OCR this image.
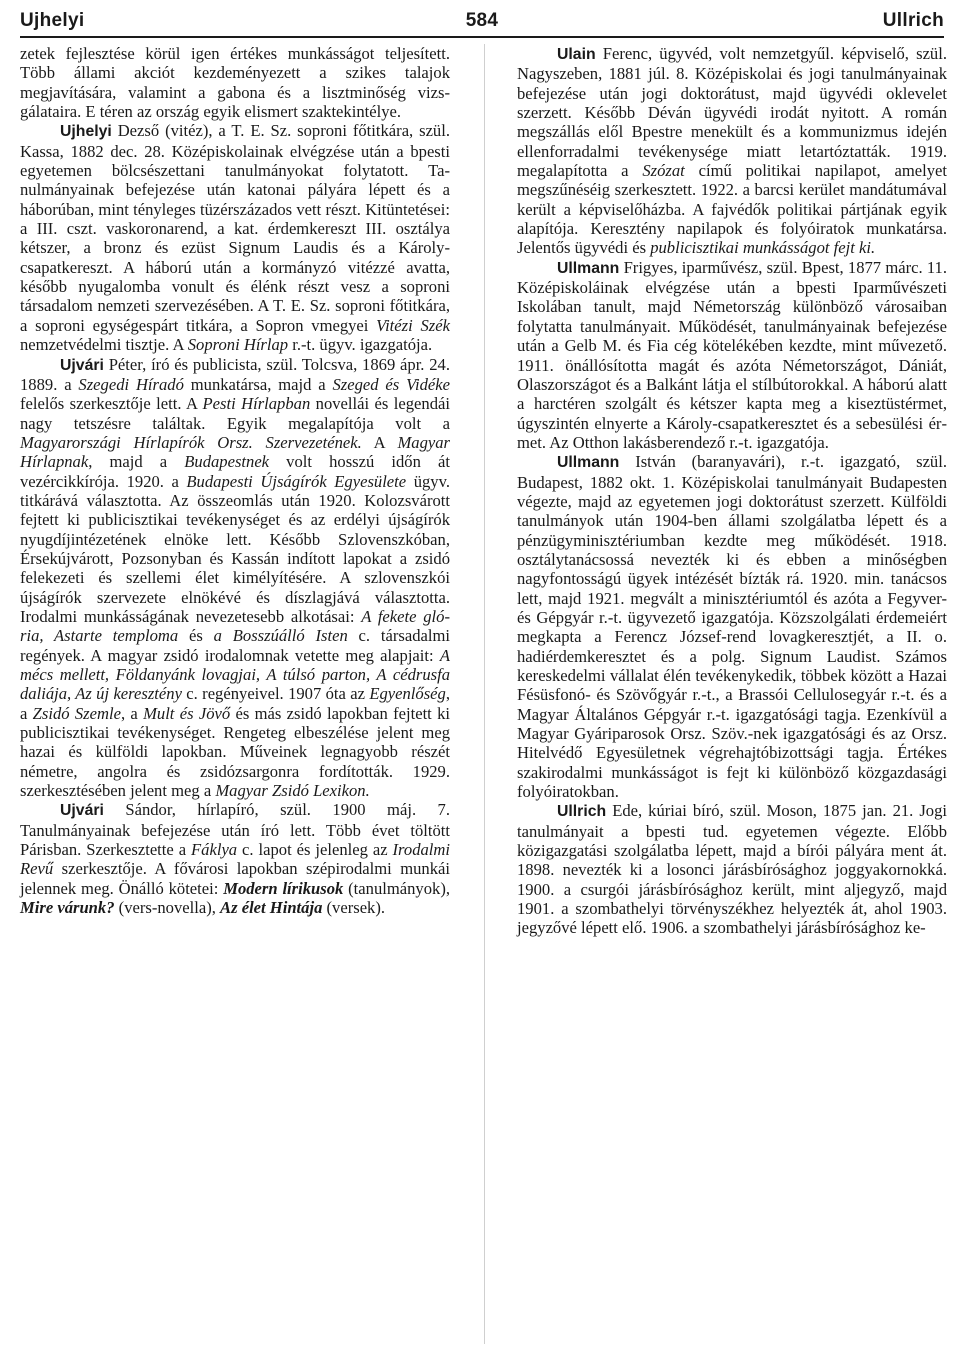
Ujhelyi	584	Ullrich

zetek fejlesztése körül igen értékes munkásságot teljesített. Több állami akciót kezdeményezett a szikes talajok megjavítására, valamint a gabona és a lisztminőség vizsgálataira. E téren az ország egyik elismert szaktekintélye.

Ujhelyi Dezső (vitéz), a T. E. Sz. soproni főtitkára, szül. Kassa, 1882 dec. 28. Középiskolainak elvégzése után a bpesti egyetemen bölcsészettani tanulmányokat folytatott. Tanulmányainak befejezése után katonai pályára lépett és a háborúban, mint tényleges tüzérszázados vett részt. Kitüntetései: a III. cszt. vaskoronarend, a kat. érdemkereszt III. osztálya kétszer, a bronz és ezüst Signum Laudis és a Károly-csapatkereszt. A háború után a kormányzó vitézzé avatta, később nyugalomba vonult és élénk részt vesz a soproni társadalom nemzeti szervezésében. A T. E. Sz. soproni főtitkára, a soproni egységespárt titkára, a Sopron vmegyei Vitézi Szék nemzetvédelmi tisztje. A Soproni Hírlap r.-t. ügyv. igazgatója.

Ujvári Péter, író és publicista, szül. Tolcsva, 1869 ápr. 24. 1889. a Szegedi Híradó munkatársa, majd a Szeged és Vidéke felelős szerkesztője lett. A Pesti Hírlapban novellái és legendái nagy tetszésre találtak. Egyik megalapítója volt a Magyarországi Hírlapírók Orsz. Szervezetének. A Magyar Hírlapnak, majd a Budapestnek volt hosszú időn át vezércikkírója. 1920. a Budapesti Újságírók Egyesülete ügyv. titkárává választotta. Az összeomlás után 1920. Kolozsvárott fejtett ki publicisztikai tevékenységet és az erdélyi újságírók nyugdíjintézetének elnöke lett. Később Szlovenszkóban, Érsekújvárott, Pozsonyban és Kassán indított lapokat a zsidó felekezeti és szellemi élet kimélyítésére. A szlovenszkói újságírók szervezete elnökévé és díszlagjává választotta. Irodalmi munkásságának nevezetesebb alkotásai: A fekete glória, Astarte temploma és a Bosszúálló Isten c. társadalmi regények. A magyar zsidó irodalomnak vetette meg alapjait: A mécs mellett, Földanyánk lovagjai, A túlsó parton, A cédrusfa daliája, Az új keresztény c. regényeivel. 1907 óta az Egyenlőség, a Zsidó Szemle, a Mult és Jövő és más zsidó lapokban fejtett ki publicisztikai tevékenységet. Rengeteg elbeszélése jelent meg hazai és külföldi lapokban. Műveinek legnagyobb részét németre, angolra és zsidózsargonra fordították. 1929. szerkesztésében jelent meg a Magyar Zsidó Lexikon.

Ujvári Sándor, hírlapíró, szül. 1900 máj. 7. Tanulmányainak befejezése után író lett. Több évet töltött Párisban. Szerkesztette a Fáklya c. lapot és jelenleg az Irodalmi Revű szerkesztője. A fővárosi lapokban szépirodalmi munkái jelennek meg. Önálló kötetei: Modern lírikusok (tanulmányok), Mire várunk? (vers-novella), Az élet Hintája (versek).

Ulain Ferenc, ügyvéd, volt nemzetgyűl. képviselő, szül. Nagyszeben, 1881 júl. 8. Középiskolai és jogi tanulmányainak befejezése után jogi doktorátust, majd ügyvédi oklevelet szerzett. Később Déván ügyvédi irodát nyitott. A román megszállás elől Bpestre menekült és a kommunizmus idején ellenforradalmi tevékenysége miatt letartóztatták. 1919. megalapította a Szózat című politikai napilapot, amelyet megszűnéséig szerkesztett. 1922. a barcsi kerület mandátumával került a képviselőházba. A fajvédők politikai pártjának egyik alapítója. Keresztény napilapok és folyóiratok munkatársa. Jelentős ügyvédi és publicisztikai munkásságot fejt ki.

Ullmann Frigyes, iparművész, szül. Bpest, 1877 márc. 11. Középiskoláinak elvégzése után a bpesti Iparművészeti Iskolában tanult, majd Németország különböző városaiban folytatta tanulmányait. Működését, tanulmányainak befejezése után a Gelb M. és Fia cég kötelékében kezdte, mint művezető. 1911. önállósította magát és azóta Németországot, Dániát, Olaszországot és a Balkánt látja el stílbútorokkal. A háború alatt a harctéren szolgált és kétszer kapta meg a kiseztüstérmet, úgyszintén elnyerte a Károly-csapatkeresztet és a sebesülési érmet. Az Otthon lakásberendező r.-t. igazgatója.

Ullmann István (baranyavári), r.-t. igazgató, szül. Budapest, 1882 okt. 1. Középiskolai tanulmányait Budapesten végezte, majd az egyetemen jogi doktorátust szerzett. Külföldi tanulmányok után 1904-ben állami szolgálatba lépett és a pénzügyminisztériumban kezdte meg működését. 1918. osztálytanácsossá nevezték ki és ebben a minőségben nagyfontosságú ügyek intézését bízták rá. 1920. min. tanácsos lett, majd 1921. megvált a minisztériumtól és azóta a Fegyver- és Gépgyár r.-t. ügyvezető igazgatója. Közszolgálati érdemeiért megkapta a Ferencz József-rend lovagkeresztjét, a II. o. hadiérdemkeresztet és a polg. Signum Laudist. Számos kereskedelmi vállalat élén tevékenykedik, többek között a Hazai Fésüsfonó- és Szövőgyár r.-t., a Brassói Cellulosegyár r.-t. és a Magyar Általános Gépgyár r.-t. igazgatósági tagja. Ezenkívül a Magyar Gyáriparosok Orsz. Szöv.-nek igazgatósági és az Orsz. Hitelvédő Egyesületnek végrehajtóbizottsági tagja. Értékes szakirodalmi munkásságot is fejt ki különböző közgazdasági folyóiratokban.

Ullrich Ede, kúriai bíró, szül. Moson, 1875 jan. 21. Jogi tanulmányait a bpesti tud. egyetemen végezte. Előbb közigazgatási szolgálatba lépett, majd a bírói pályára ment át. 1898. nevezték ki a losonci járásbírósághoz joggyakornokká. 1900. a csurgói járásbírósághoz került, mint aljegyző, majd 1901. a szombathelyi törvényszékhez helyezték át, ahol 1903. jegyzővé lépett elő. 1906. a szombathelyi járásbírósághoz ke-
